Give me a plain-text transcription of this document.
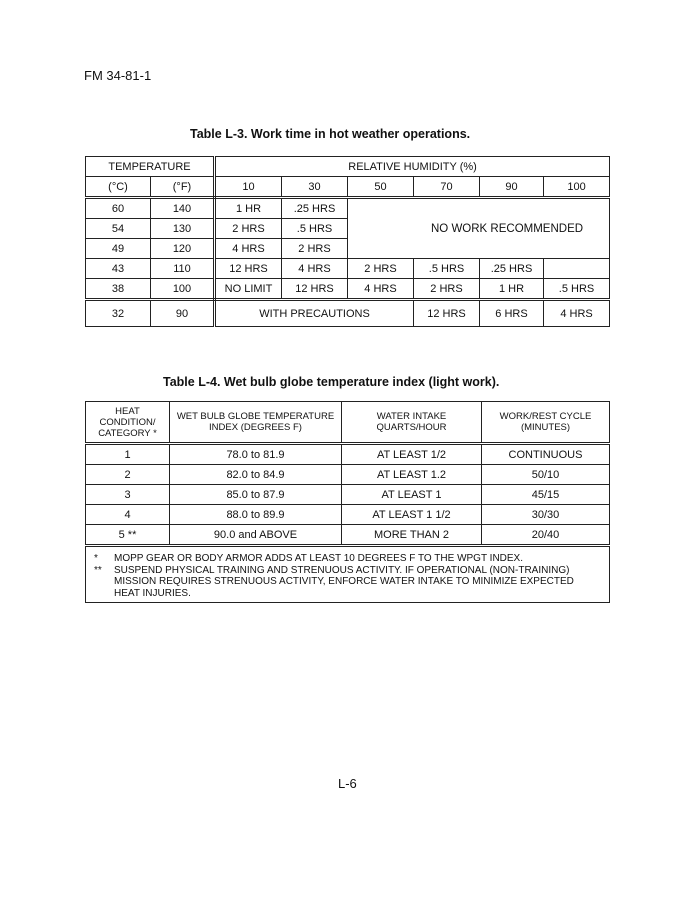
FM 34-81-1
Table L-3. Work time in hot weather operations.
TEMPERATURE		RELATIVE HUMIDITY (%)					
(°C)	(°F)	10	30	50	70	90	100
60	140	1 HR	.25 HRS	NO WORK RECOMMENDED			
54	130	2 HRS	.5 HRS				
49	120	4 HRS	2 HRS				
43	110	12 HRS	4 HRS	2 HRS	.5 HRS	.25 HRS	
38	100	NO LIMIT	12 HRS	4 HRS	2 HRS	1 HR	.5 HRS
32	90	WITH PRECAUTIONS			12 HRS	6 HRS	4 HRS
Table L-4. Wet bulb globe temperature index (light work).
HEAT CONDITION/ CATEGORY *	WET BULB GLOBE TEMPERATURE INDEX (DEGREES F)	WATER INTAKE QUARTS/HOUR	WORK/REST CYCLE (MINUTES)
1	78.0 to 81.9	AT LEAST 1/2	CONTINUOUS
2	82.0 to 84.9	AT LEAST 1.2	50/10
3	85.0 to 87.9	AT LEAST 1	45/15
4	88.0 to 89.9	AT LEAST 1 1/2	30/30
5 **	90.0 and ABOVE	MORE THAN 2	20/40

* MOPP GEAR OR BODY ARMOR ADDS AT LEAST 10 DEGREES F TO THE WPGT INDEX.
** SUSPEND PHYSICAL TRAINING AND STRENUOUS ACTIVITY. IF OPERATIONAL (NON-TRAINING) MISSION REQUIRES STRENUOUS ACTIVITY, ENFORCE WATER INTAKE TO MINIMIZE EXPECTED HEAT INJURIES.			
L-6
